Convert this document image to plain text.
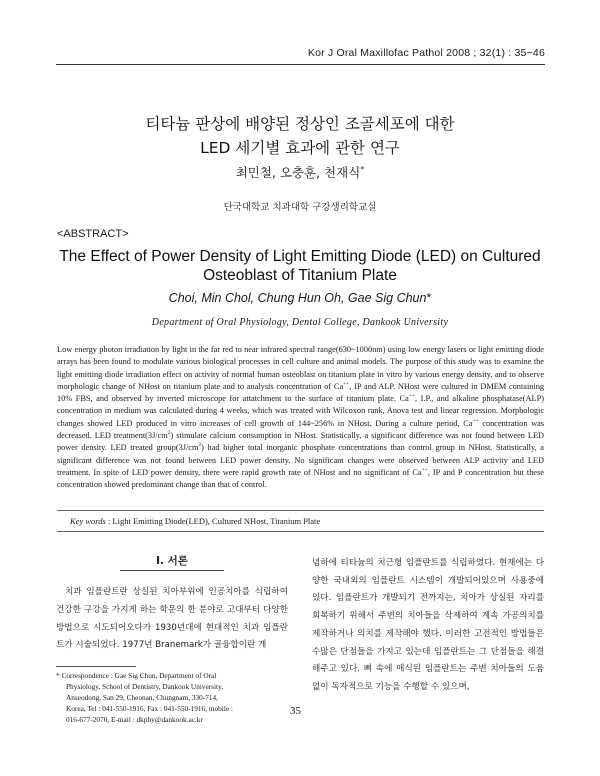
Kor J Oral Maxillofac Pathol 2008 ; 32(1) : 35~46
티타늄 판상에 배양된 정상인 조골세포에 대한
LED 세기별 효과에 관한 연구
최민철, 오충훈, 천재식*
단국대학교 치과대학 구강생리학교실
<ABSTRACT>
The Effect of Power Density of Light Emitting Diode (LED) on Cultured
Osteoblast of Titanium Plate
Choi, Min Chol, Chung Hun Oh, Gae Sig Chun*
Department of Oral Physiology, Dental College, Dankook University
Low energy photon irradiation by light in the far red to near infrared spectral range(630~1000nm) using low energy lasers or light emitting diode arrays has been found to modulate various biological processes in cell culture and animal models. The purpose of this study was to examine the light emitting diode irradiation effect on activity of normal human osteoblast on titanium plate in vitro by various energy density, and to observe morphologic change of NHost on titanium plate and to analysis concentration of Ca++, IP and ALP. NHost were cultured in DMEM containing 10% FBS, and observed by inverted microscope for attatchment to the surface of titanium plate. Ca++, I.P., and alkaline phosphatase(ALP) concentration in medium was calculated during 4 weeks, which was treated with Wilcoxon rank, Anova test and linear regression. Morphologic changes showed LED produced in vitro increases of cell growth of 144~256% in NHost. During a culture period, Ca++ concentration was decreased. LED $treatment(3J/cm^2)$ stimulate calcium consumption in NHost. Statistically, a significant difference was not found between LED power density. LED treated $group(3J/cm^2)$ had higher total inorganic phosphate concentrations than control group in NHost. Statistically, a significant difference was not found between LED power density. No significant changes were observed between ALP activity and LED treatment. In spite of LED power density, there were rapid growth rate of NHost and no significant of Ca++, IP and P concentration but these concentration showed predominant change than that of control.
Key words : Light Emitting Diode(LED), Cultured NHost, Titanium Plate
I. 서론
치과 임플란트란 상실된 치아부위에 인공치아를 식립하여 건강한 구강을 가지게 하는 학문의 한 분야로 고대부터 다양한 방법으로 시도되어오다가 1930년대에 현대적인 치과 임플란트가 시술되었다. 1977년 Branemark가 골융합이란 개
념하에 티타늄의 치근형 임플란트를 식립하였다. 현재에는 다양한 국내외의 임플란트 시스템이 개발되어있으며 사용중에 있다. 임플란트가 개발되기 전까지는, 치아가 상실된 자리를 회복하기 위해서 주변의 치아들을 삭제하여 계속 가공의치를 제작하거나 의치를 제작해야 했다. 이러한 고전적인 방법들은 수많은 단점들을 가지고 있는데 임플란트는 그 단점들을 해결해주고 있다. 뼈 속에 매식된 임플란트는 주변 치아들의 도움 없이 독자적으로 기능을 수행할 수 있으며,
* Correspondence : Gae Sig Chun, Department of Oral
Physiology, School of Dentistry, Dankook University,
Anseodong, San 29, Cheonan, Chungnam, 330-714,
Korea, Tel : 041-550-1916, Fax : 041-550-1916, mobile :
016-677-2070, E-mail : dkphy@dankook.ac.kr
35
